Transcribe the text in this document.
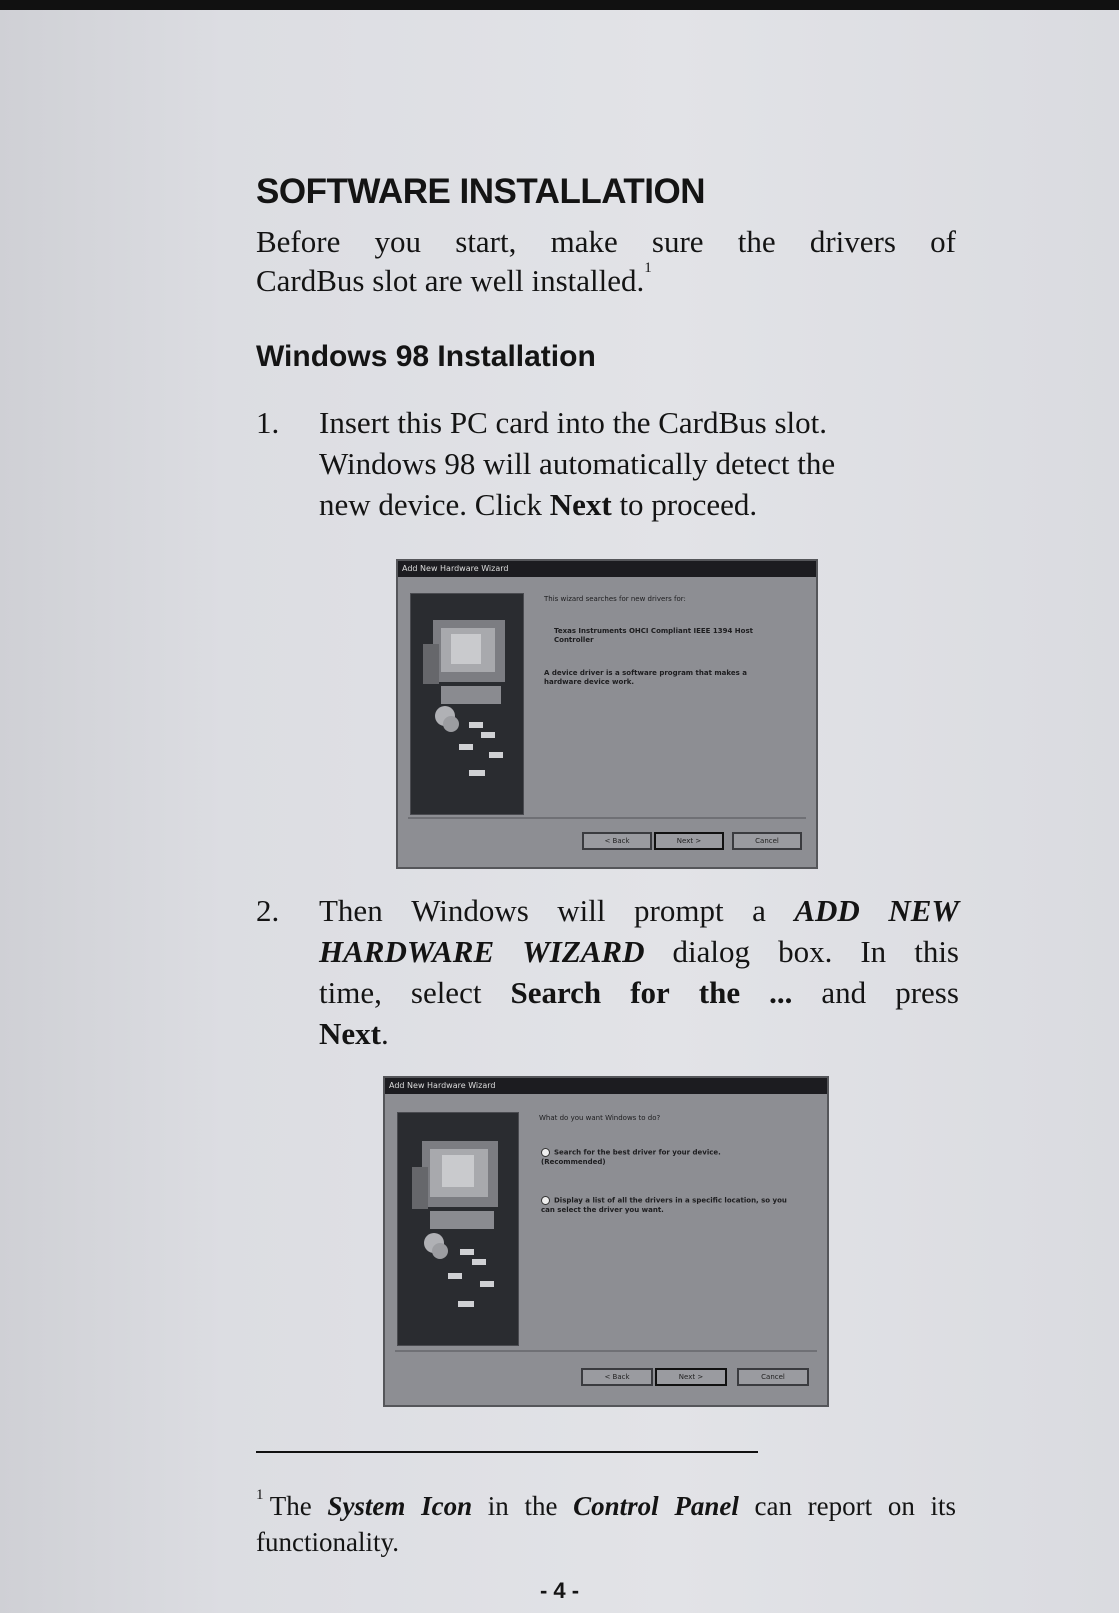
SOFTWARE INSTALLATION
Before you start, make sure the drivers of
CardBus slot are well installed.$^1$
Windows 98 Installation
1. Insert this PC card into the CardBus slot.
Windows 98 will automatically detect the
new device. Click Next to proceed.
Add New Hardware Wizard
This wizard searches for new drivers for:
Texas Instruments OHCI Compliant IEEE 1394 Host Controller
A device driver is a software program that makes a hardware device work.
< Back	Next >	Cancel
2. Then Windows will prompt a ADD NEW
HARDWARE WIZARD dialog box. In this
time, select Search for the ... and press
Next.
Add New Hardware Wizard
What do you want Windows to do?
Search for the best driver for your device. (Recommended)
Display a list of all the drivers in a specific location, so you can select the driver you want.
< Back	Next >	Cancel
$^1$ The System Icon in the Control Panel can report on its
functionality.
- 4 -
